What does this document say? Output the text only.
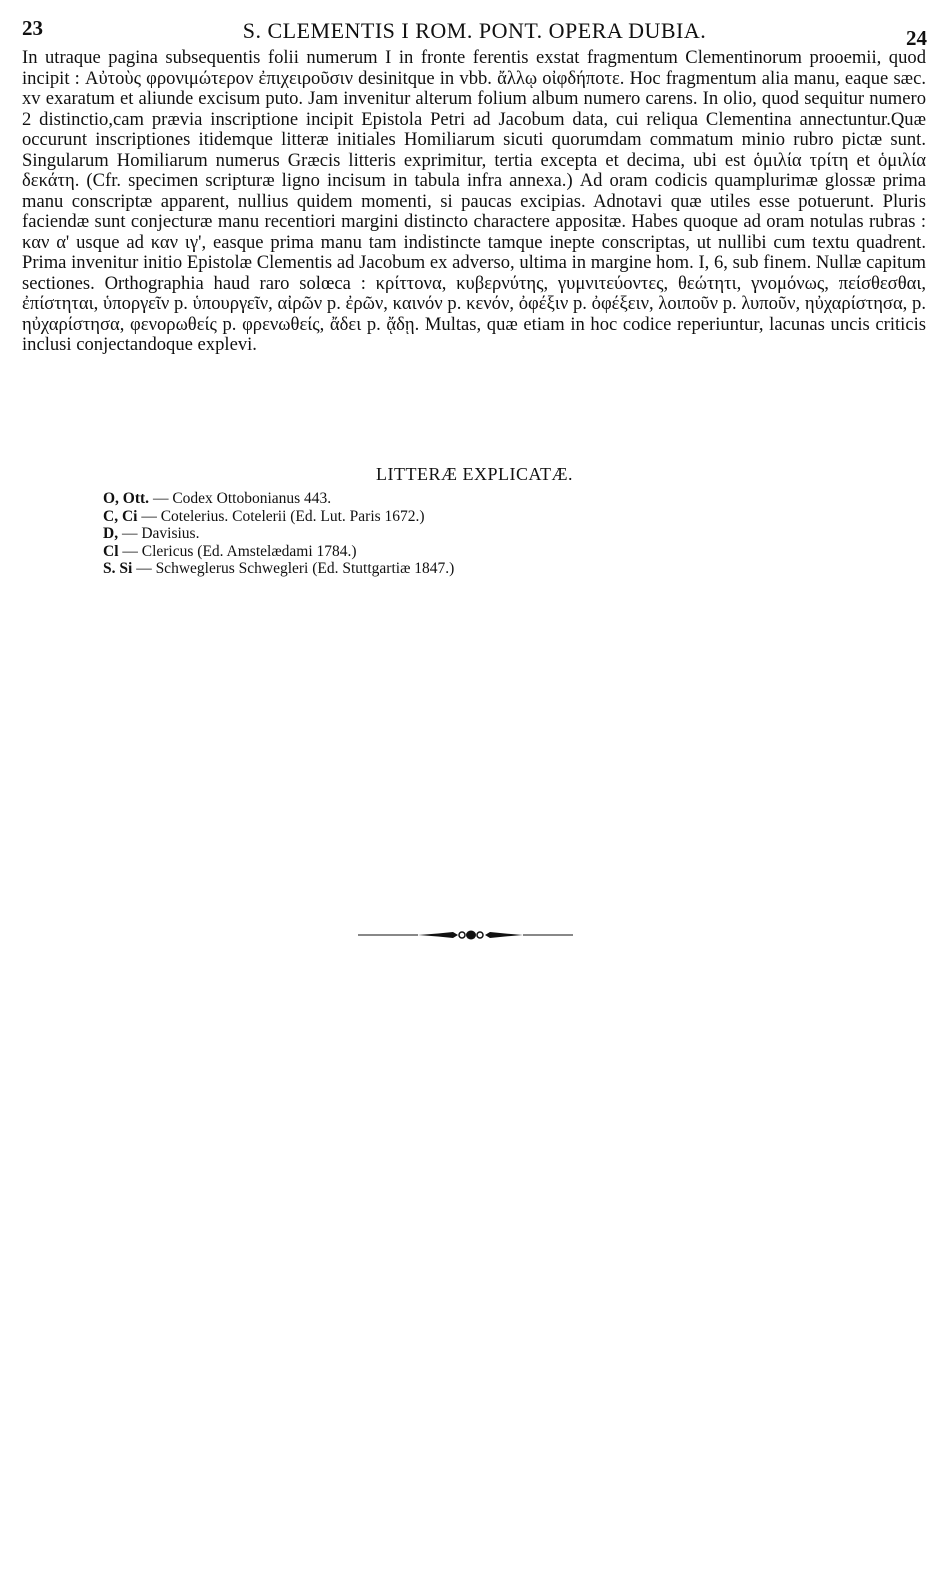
23	S. CLEMENTIS I ROM. PONT. OPERA DUBIA.	24

In utraque pagina subsequentis folii numerum I in fronte ferentis exstat fragmentum Clementinorum prooemii, quod incipit : Αὐτοὺς φρονιμώτερον ἐπιχειροῦσιν desinitque in vbb. ἄλλῳ οἰφδήποτε. Hoc fragmentum alia manu, eaque sæc. xv exaratum et aliunde excisum puto. Jam invenitur alterum folium album numero carens. In olio, quod sequitur numero 2 distinctio,cam prævia inscriptione incipit Epistola Petri ad Jacobum data, cui reliqua Clementina annectuntur.Quæ occurunt inscriptiones itidemque litteræ initiales Homiliarum sicuti quorumdam commatum minio rubro pictæ sunt. Singularum Homiliarum numerus Græcis litteris exprimitur, tertia excepta et decima, ubi est ὁμιλία τρίτη et ὁμιλία δεκάτη. (Cfr. specimen scripturæ ligno incisum in tabula infra annexa.) Ad oram codicis quamplurimæ glossæ prima manu conscriptæ apparent, nullius quidem momenti, si paucas excipias. Adnotavi quæ utiles esse potuerunt. Pluris faciendæ sunt conjecturæ manu recentiori margini distincto charactere appositæ. Habes quoque ad oram notulas rubras : καν α' usque ad καν ιγ', easque prima manu tam indistincte tamque inepte conscriptas, ut nullibi cum textu quadrent. Prima invenitur initio Epistolæ Clementis ad Jacobum ex adverso, ultima in margine hom. I, 6, sub finem. Nullæ capitum sectiones. Orthographia haud raro solœca : κρίττονα, κυβερνύτης, γυμνιτεύοντες, θεώτητι, γνομόνως, πείσθεσθαι, ἐπίστηται, ὑποργεῖν p. ὑπουργεῖν, αἰρῶν p. ἐρῶν, καινόν p. κενόν, ὀφέξιν p. ὀφέξειν, λοιποῦν p. λυποῦν, ηὐχαρίστησα, p. ηὐχαρίστησα, φενορωθείς p. φρενωθείς, ἄδει p. ᾄδῃ. Multas, quæ etiam in hoc codice reperiuntur, lacunas uncis criticis inclusi conjectandoque explevi.

LITTERÆ EXPLICATÆ.
O, Ott. — Codex Ottobonianus 443.
C, Ci — Cotelerius. Cotelerii (Ed. Lut. Paris 1672.)
D, — Davisius.
Cl — Clericus (Ed. Amstelædami 1784.)
S. Si — Schweglerus Schwegleri (Ed. Stuttgartiæ 1847.)
